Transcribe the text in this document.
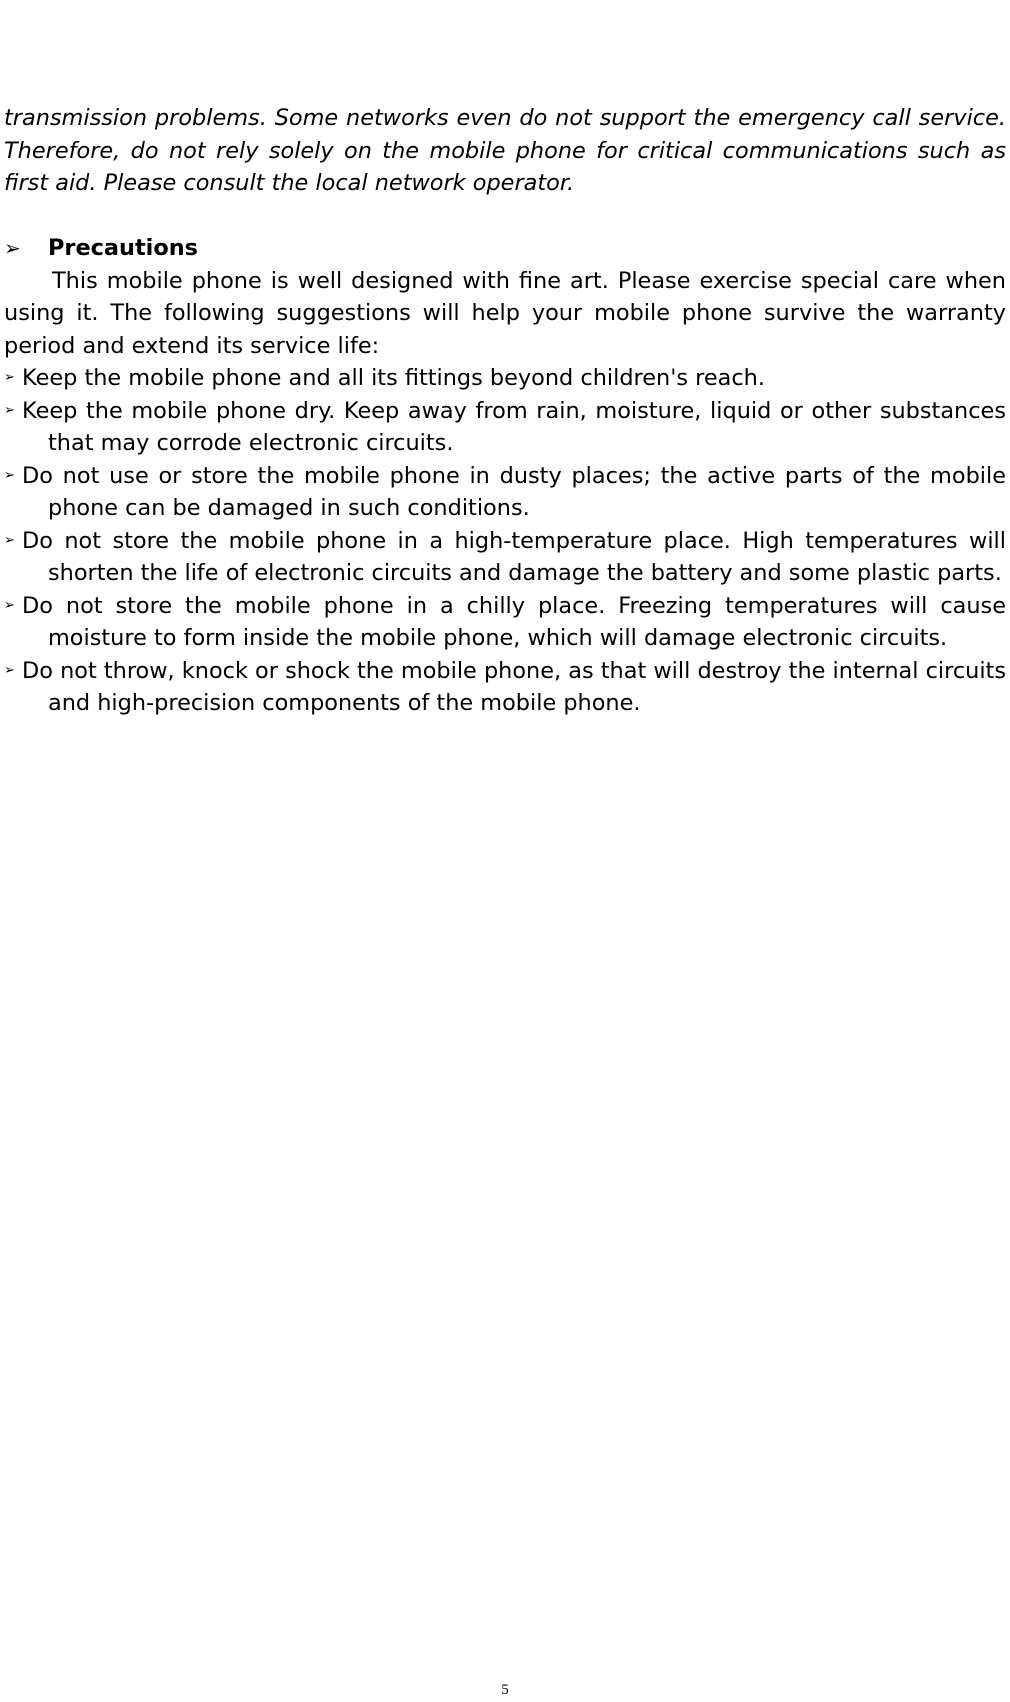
transmission problems. Some networks even do not support the emergency call service. Therefore, do not rely solely on the mobile phone for critical communications such as first aid. Please consult the local network operator.

➢	Precautions

This mobile phone is well designed with fine art. Please exercise special care when using it. The following suggestions will help your mobile phone survive the warranty period and extend its service life:

➢ Keep the mobile phone and all its fittings beyond children's reach.
➢ Keep the mobile phone dry. Keep away from rain, moisture, liquid or other substances that may corrode electronic circuits.
➢ Do not use or store the mobile phone in dusty places; the active parts of the mobile phone can be damaged in such conditions.
➢ Do not store the mobile phone in a high-temperature place. High temperatures will shorten the life of electronic circuits and damage the battery and some plastic parts.
➢ Do not store the mobile phone in a chilly place. Freezing temperatures will cause moisture to form inside the mobile phone, which will damage electronic circuits.
➢ Do not throw, knock or shock the mobile phone, as that will destroy the internal circuits and high-precision components of the mobile phone.
5
